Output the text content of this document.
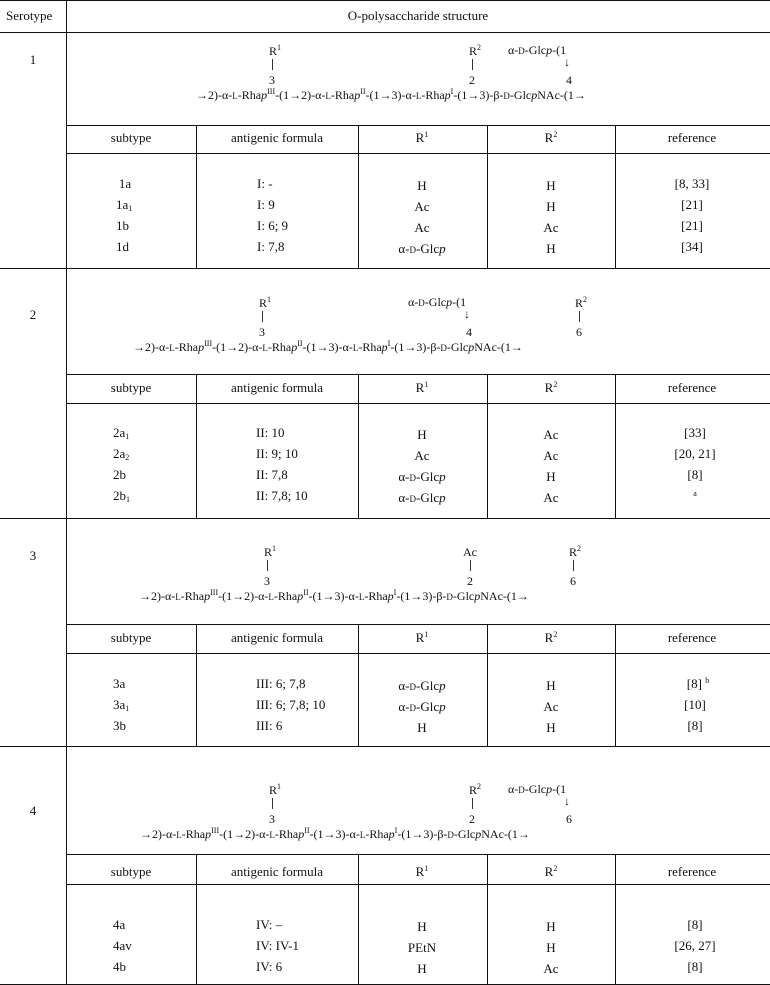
Serotype	O-polysaccharide structure
1
$R^1$
3
$R^2$
2
α-D-Glcp-(1
↓
4
→2)-α-L-Rhap$^{III}$-(1→2)-α-L-Rhap$^{II}$-(1→3)-α-L-Rhap$^I$-(1→3)-β-D-GlcpNAc-(1→
subtype	antigenic formula	$R^1$	$R^2$	reference
1a	I: -	H	H	[8, 33]
$1a_1$	I: 9	Ac	H	[21]
1b	I: 6; 9	Ac	Ac	[21]
1d	I: 7,8	α-D-Glcp	H	[34]
2
$R^1$
3
α-D-Glcp-(1
↓
4
$R^2$
6
→2)-α-L-Rhap$^{III}$-(1→2)-α-L-Rhap$^{II}$-(1→3)-α-L-Rhap$^I$-(1→3)-β-D-GlcpNAc-(1→
subtype	antigenic formula	$R^1$	$R^2$	reference
$2a_1$	II: 10	H	Ac	[33]
$2a_2$	II: 9; 10	Ac	Ac	[20, 21]
2b	II: 7,8	α-D-Glcp	H	[8]
$2b_1$	II: 7,8; 10	α-D-Glcp	Ac	a
3	$R^1$
3
Ac
2
$R^2$
6
→2)-α-L-Rhap$^{III}$-(1→2)-α-L-Rhap$^{II}$-(1→3)-α-L-Rhap$^I$-(1→3)-β-D-GlcpNAc-(1→
subtype	antigenic formula	$R^1$	$R^2$	reference
3a	III: 6; 7,8	α-D-Glcp	H	[8] $^b$
$3a_1$	III: 6; 7,8; 10	α-D-Glcp	Ac	[10]
3b	III: 6	H	H	[8]
4
$R^1$
3
$R^2$
2
α-D-Glcp-(1
↓
6
→2)-α-L-Rhap$^{III}$-(1→2)-α-L-Rhap$^{II}$-(1→3)-α-L-Rhap$^I$-(1→3)-β-D-GlcpNAc-(1→
subtype	antigenic formula	$R^1$	$R^2$	reference
4a	IV: –	H	H	[8]
4av	IV: IV-1	PEtN	H	[26, 27]
4b	IV: 6	H	Ac	[8]
